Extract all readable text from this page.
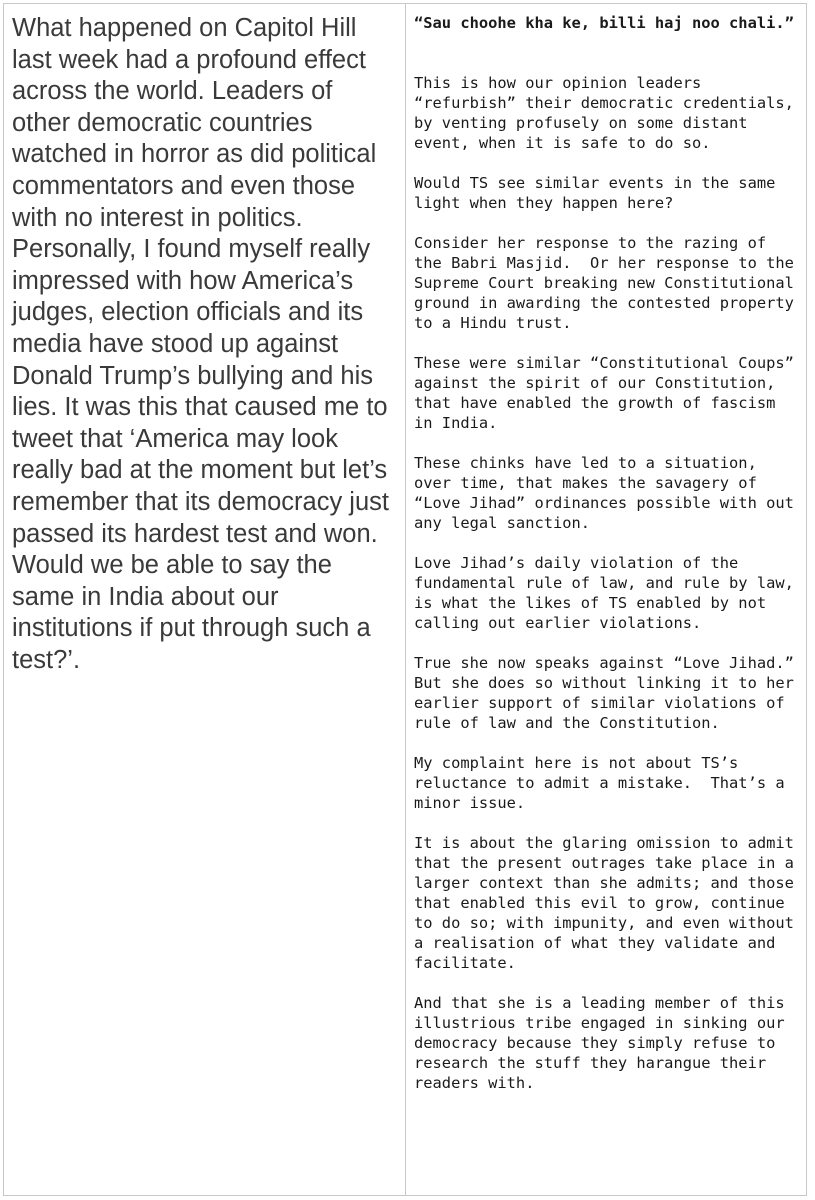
What happened on Capitol Hill last week had a profound effect across the world. Leaders of other democratic countries watched in horror as did political commentators and even those with no interest in politics. Personally, I found myself really impressed with how America’s judges, election officials and its media have stood up against Donald Trump’s bullying and his lies. It was this that caused me to tweet that ‘America may look really bad at the moment but let’s remember that its democracy just passed its hardest test and won. Would we be able to say the same in India about our institutions if put through such a test?’.

“Sau choohe kha ke, billi haj noo chali.”

This is how our opinion leaders “refurbish” their democratic credentials, by venting profusely on some distant event, when it is safe to do so.

Would TS see similar events in the same light when they happen here?

Consider her response to the razing of the Babri Masjid.  Or her response to the Supreme Court breaking new Constitutional ground in awarding the contested property to a Hindu trust.

These were similar “Constitutional Coups” against the spirit of our Constitution, that have enabled the growth of fascism in India.

These chinks have led to a situation, over time, that makes the savagery of “Love Jihad” ordinances possible with out any legal sanction.

Love Jihad’s daily violation of the fundamental rule of law, and rule by law, is what the likes of TS enabled by not calling out earlier violations.

True she now speaks against “Love Jihad.”  But she does so without linking it to her earlier support of similar violations of rule of law and the Constitution.

My complaint here is not about TS’s reluctance to admit a mistake.  That’s a minor issue.

It is about the glaring omission to admit that the present outrages take place in a larger context than she admits; and those that enabled this evil to grow, continue to do so; with impunity, and even without a realisation of what they validate and facilitate.

And that she is a leading member of this illustrious tribe engaged in sinking our democracy because they simply refuse to research the stuff they harangue their readers with.
